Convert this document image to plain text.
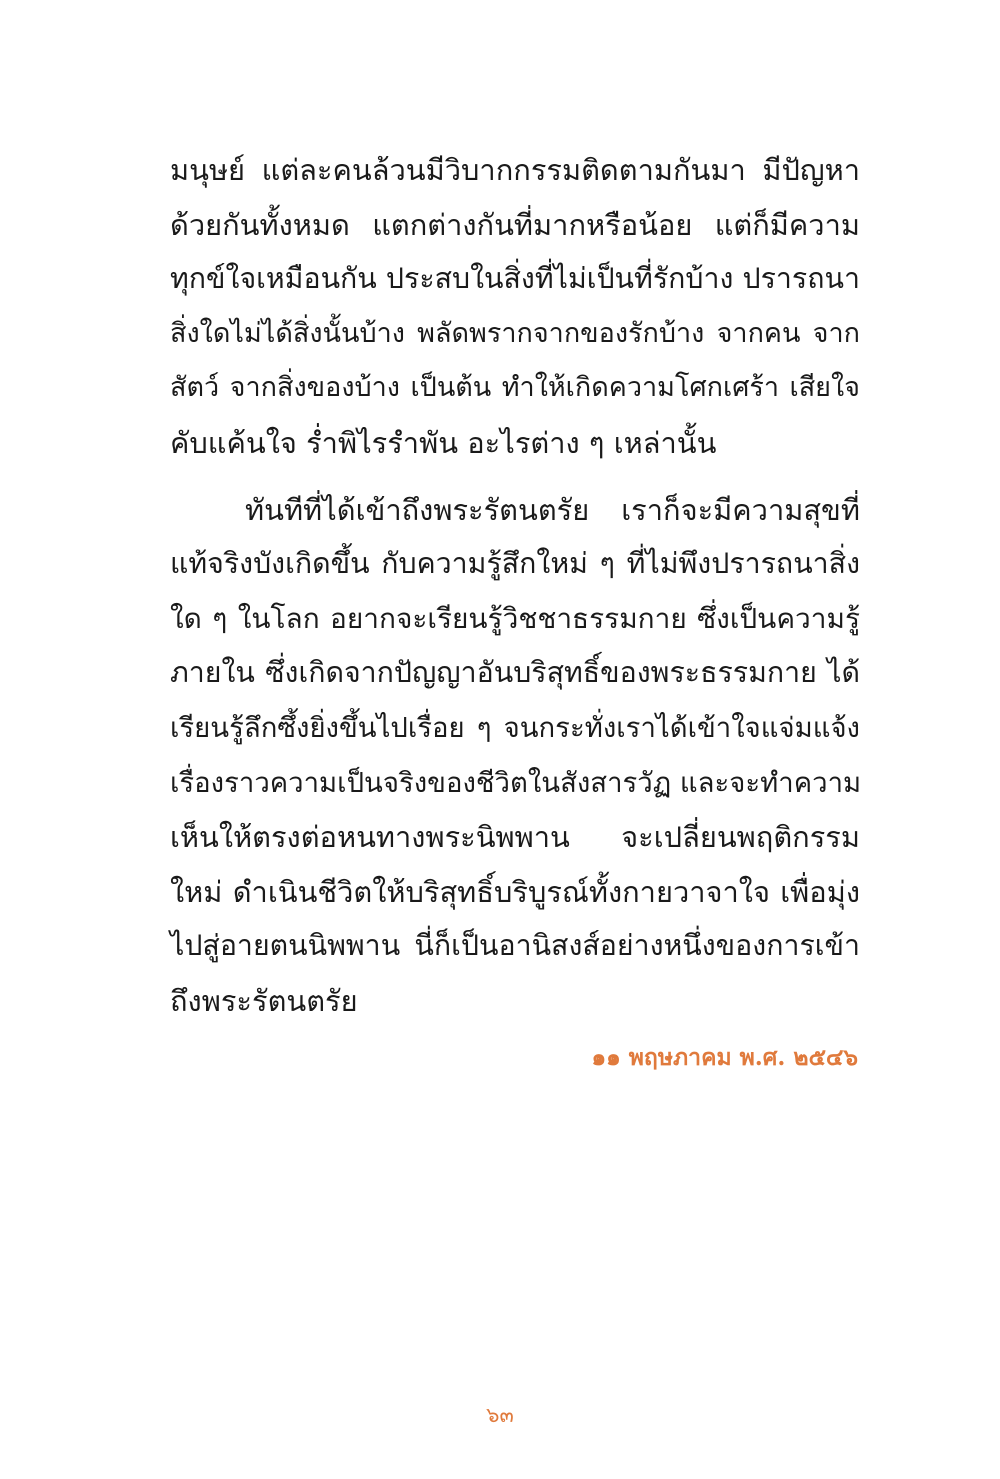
มนุษย์ แต่ละคนล้วนมีวิบากกรรมติดตามกันมา มีปัญหา
ด้วยกันทั้งหมด แตกต่างกันที่มากหรือน้อย แต่ก็มีความ
ทุกข์ใจเหมือนกัน ประสบในสิ่งที่ไม่เป็นที่รักบ้าง ปรารถนา
สิ่งใดไม่ได้สิ่งนั้นบ้าง พลัดพรากจากของรักบ้าง จากคน จาก
สัตว์ จากสิ่งของบ้าง เป็นต้น ทำให้เกิดความโศกเศร้า เสียใจ
คับแค้นใจ ร่ำพิไรรำพัน อะไรต่าง ๆ เหล่านั้น
ทันทีที่ได้เข้าถึงพระรัตนตรัย เราก็จะมีความสุขที่
แท้จริงบังเกิดขึ้น กับความรู้สึกใหม่ ๆ ที่ไม่พึงปรารถนาสิ่ง
ใด ๆ ในโลก อยากจะเรียนรู้วิชชาธรรมกาย ซึ่งเป็นความรู้
ภายใน ซึ่งเกิดจากปัญญาอันบริสุทธิ์ของพระธรรมกาย ได้
เรียนรู้ลึกซึ้งยิ่งขึ้นไปเรื่อย ๆ จนกระทั่งเราได้เข้าใจแจ่มแจ้ง
เรื่องราวความเป็นจริงของชีวิตในสังสารวัฏ และจะทำความ
เห็นให้ตรงต่อหนทางพระนิพพาน จะเปลี่ยนพฤติกรรม
ใหม่ ดำเนินชีวิตให้บริสุทธิ์บริบูรณ์ทั้งกายวาจาใจ เพื่อมุ่ง
ไปสู่อายตนนิพพาน นี่ก็เป็นอานิสงส์อย่างหนึ่งของการเข้า
ถึงพระรัตนตรัย
๑๑ พฤษภาคม พ.ศ. ๒๕๔๖
๖๓
